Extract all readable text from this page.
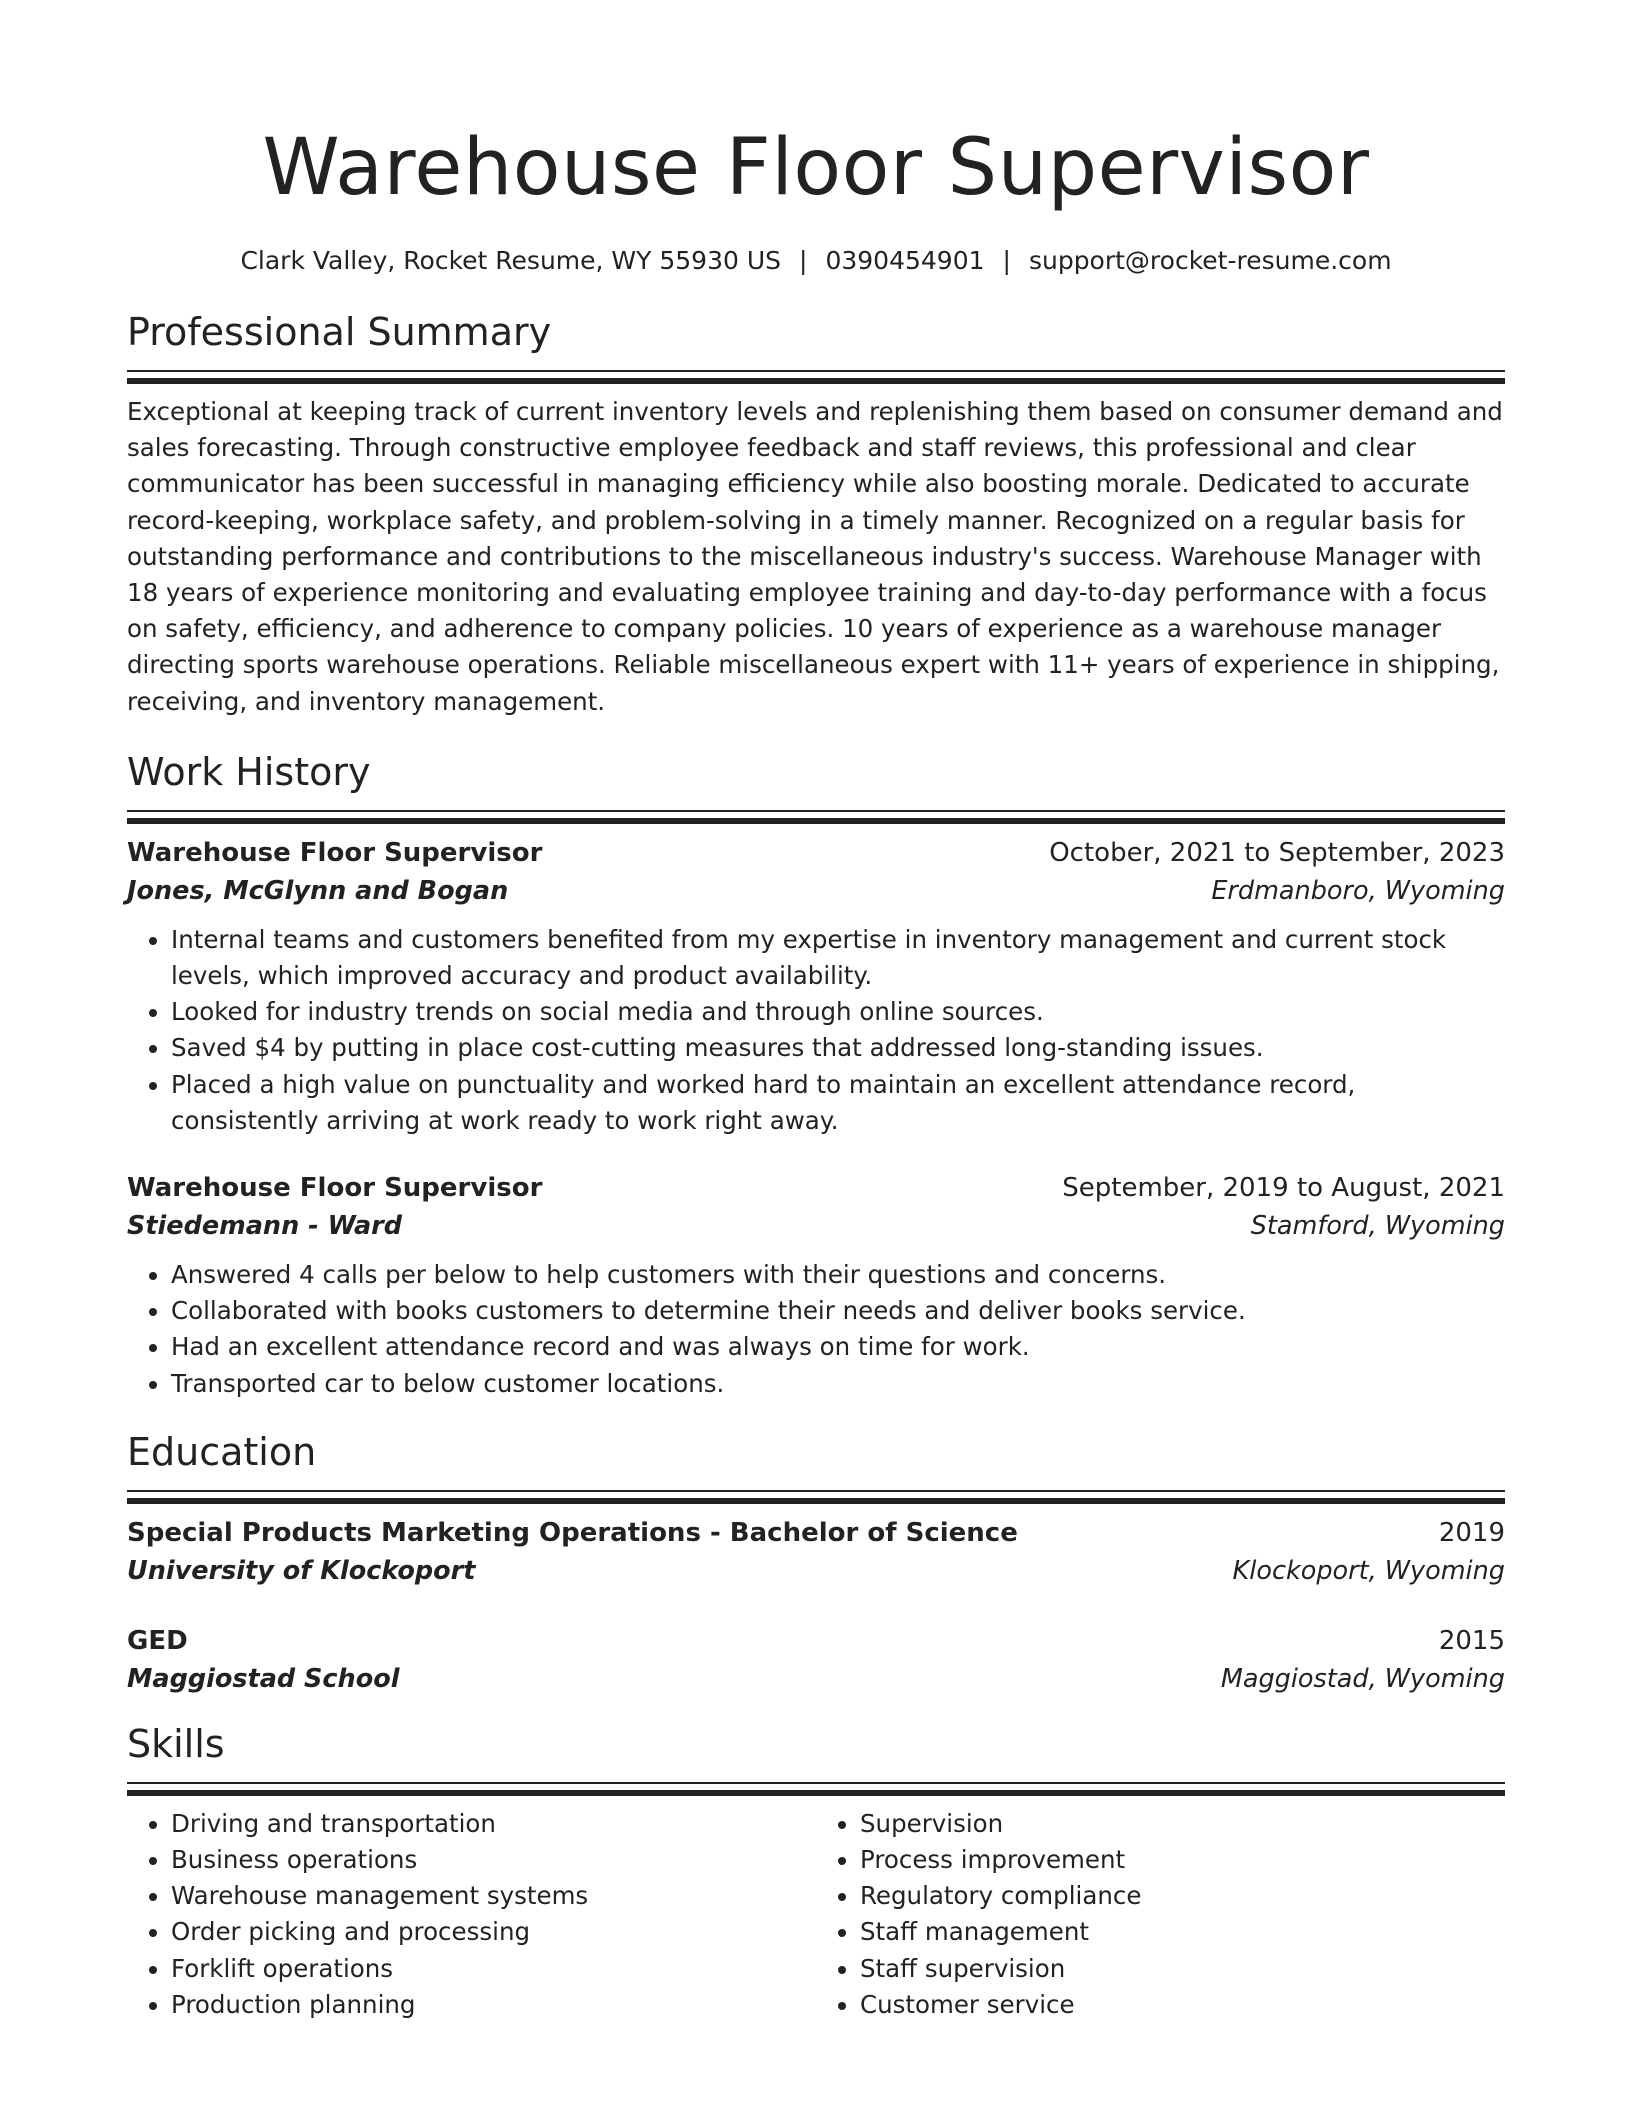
Warehouse Floor Supervisor
Clark Valley, Rocket Resume, WY 55930 US | 0390454901 | support@rocket-resume.com
Professional Summary

Exceptional at keeping track of current inventory levels and replenishing them based on consumer demand and sales forecasting. Through constructive employee feedback and staff reviews, this professional and clear communicator has been successful in managing efficiency while also boosting morale. Dedicated to accurate record-keeping, workplace safety, and problem-solving in a timely manner. Recognized on a regular basis for outstanding performance and contributions to the miscellaneous industry's success. Warehouse Manager with 18 years of experience monitoring and evaluating employee training and day-to-day performance with a focus on safety, efficiency, and adherence to company policies. 10 years of experience as a warehouse manager directing sports warehouse operations. Reliable miscellaneous expert with 11+ years of experience in shipping, receiving, and inventory management.

Work History
Warehouse Floor Supervisor	October, 2021 to September, 2023
Jones, McGlynn and Bogan	Erdmanboro, Wyoming
• Internal teams and customers benefited from my expertise in inventory management and current stock levels, which improved accuracy and product availability.
• Looked for industry trends on social media and through online sources.
• Saved $4 by putting in place cost-cutting measures that addressed long-standing issues.
• Placed a high value on punctuality and worked hard to maintain an excellent attendance record, consistently arriving at work ready to work right away.
Warehouse Floor Supervisor	September, 2019 to August, 2021
Stiedemann - Ward	Stamford, Wyoming
• Answered 4 calls per below to help customers with their questions and concerns.
• Collaborated with books customers to determine their needs and deliver books service.
• Had an excellent attendance record and was always on time for work.
• Transported car to below customer locations.
Education
Special Products Marketing Operations - Bachelor of Science	2019
University of Klockoport	Klockoport, Wyoming
GED	2015
Maggiostad School	Maggiostad, Wyoming
Skills
• Driving and transportation
• Business operations
• Warehouse management systems
• Order picking and processing
• Forklift operations
• Production planning
• Supervision
• Process improvement
• Regulatory compliance
• Staff management
• Staff supervision
• Customer service
